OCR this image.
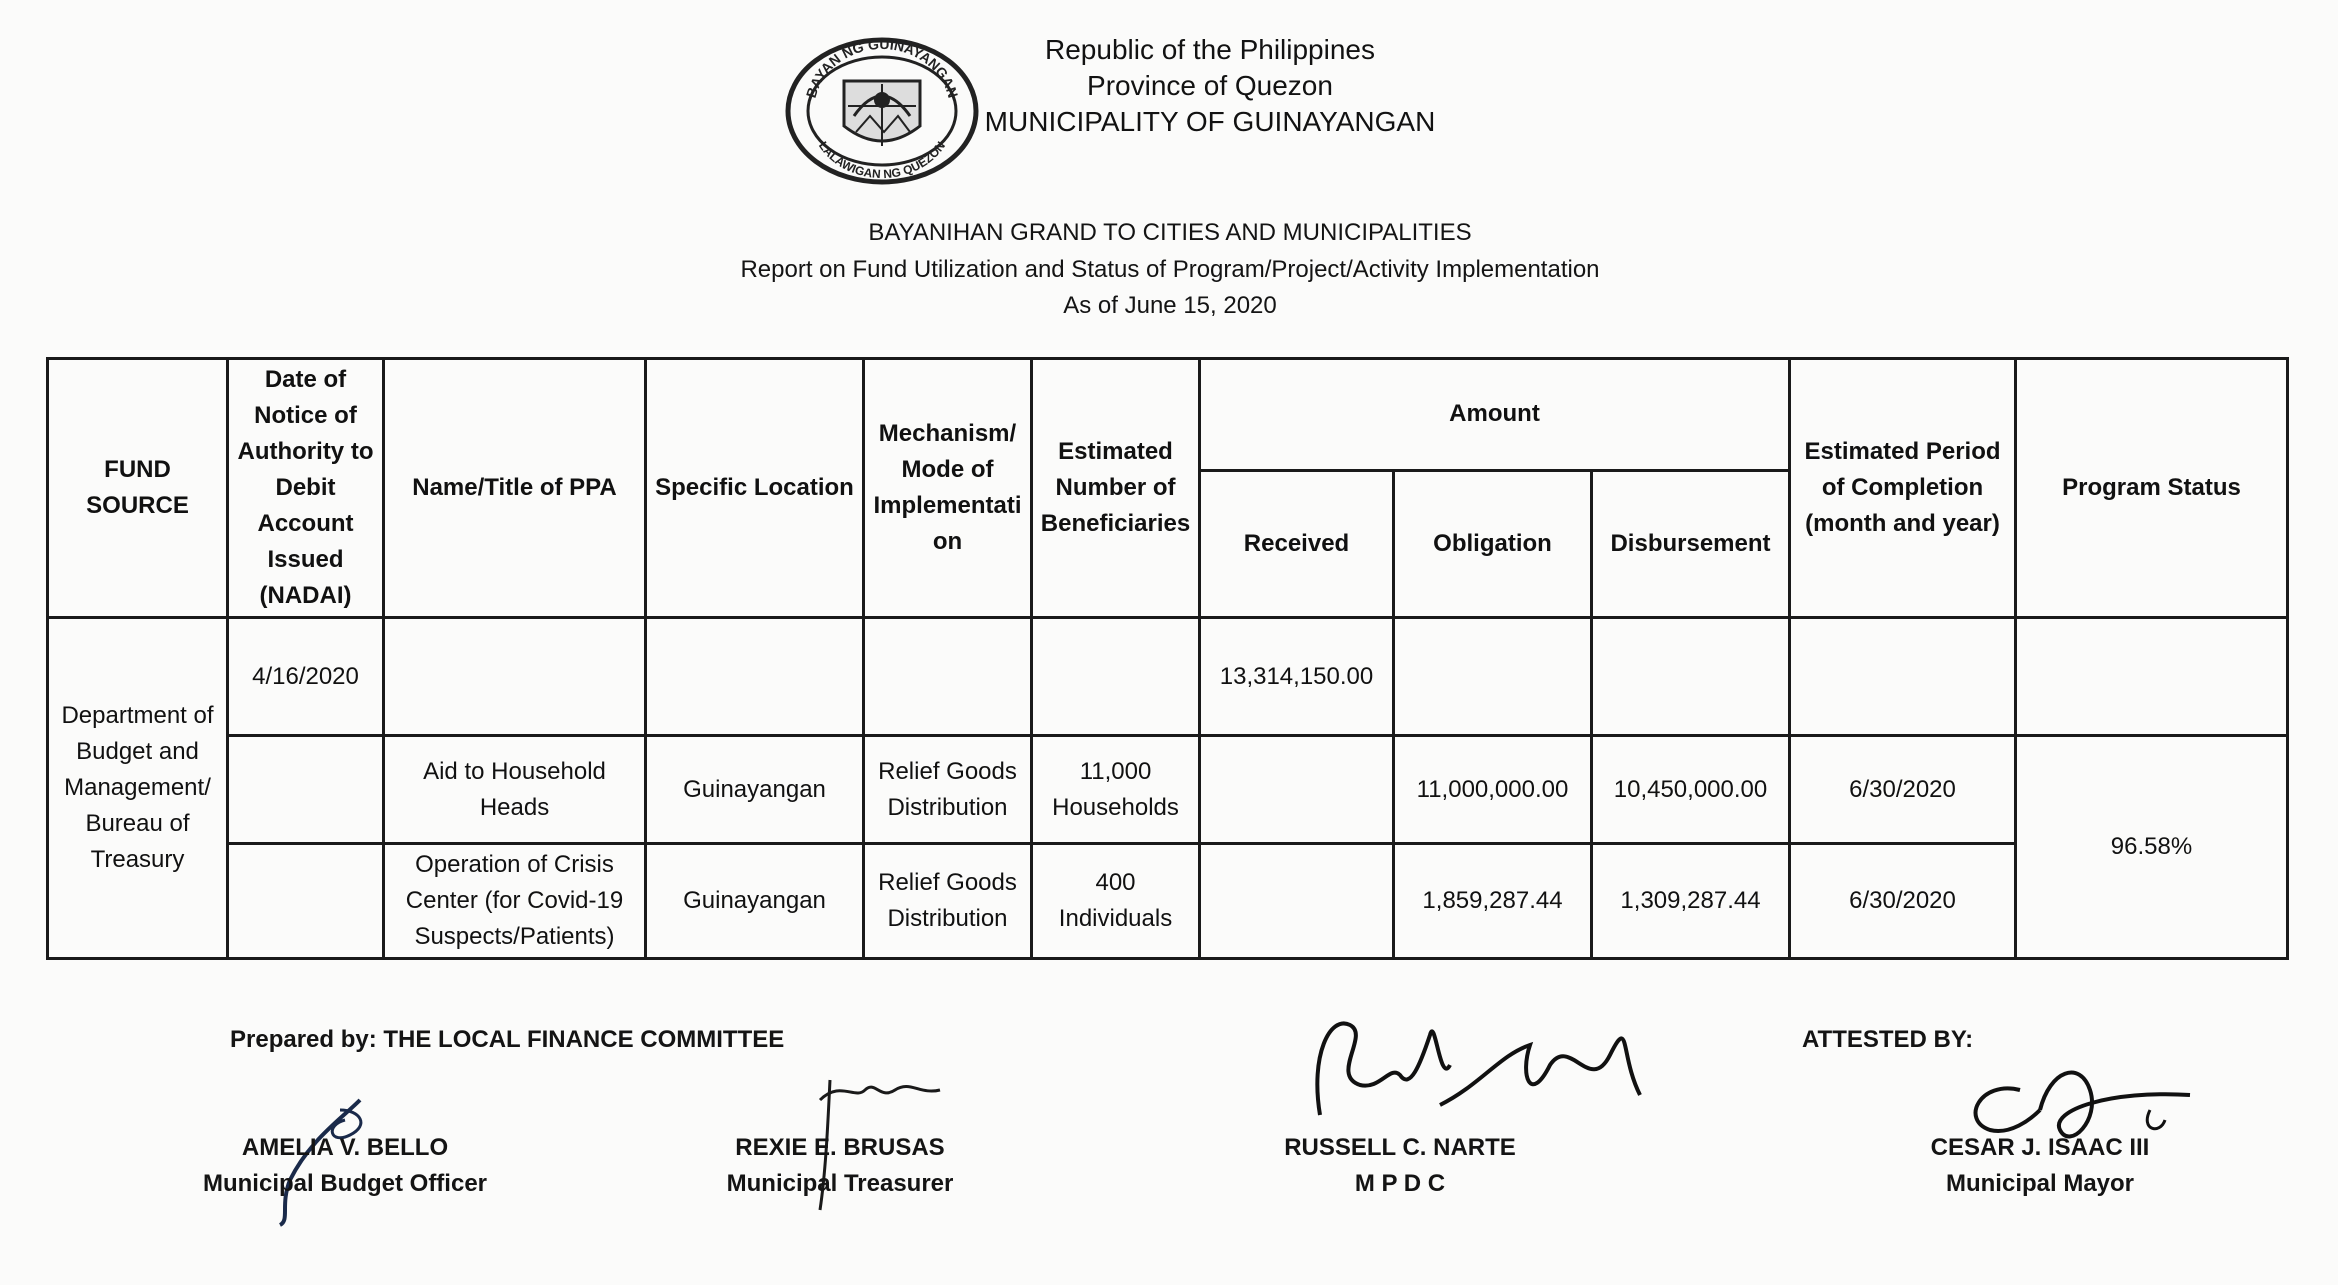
BAYAN NG GUINAYANGAN
LALAWIGAN NG QUEZON
Republic of the Philippines
Province of Quezon
MUNICIPALITY OF GUINAYANGAN
BAYANIHAN GRAND TO CITIES AND MUNICIPALITIES
Report on Fund Utilization and Status of Program/Project/Activity Implementation
As of June 15, 2020
FUND SOURCE	Date of Notice of Authority to Debit Account Issued (NADAI)	Name/Title of PPA	Specific Location	Mechanism/ Mode of Implementati on	Estimated Number of Beneficiaries	Amount			Estimated Period of Completion (month and year)	Program Status
						Received	Obligation	Disbursement		
Department of Budget and Management/ Bureau of Treasury	4/16/2020					13,314,150.00				
		Aid to Household Heads	Guinayangan	Relief Goods Distribution	11,000 Households		11,000,000.00	10,450,000.00	6/30/2020	96.58%
		Operation of Crisis Center (for Covid-19 Suspects/Patients)	Guinayangan	Relief Goods Distribution	400 Individuals		1,859,287.44	1,309,287.44	6/30/2020	
Prepared by: THE LOCAL FINANCE COMMITTEE	ATTESTED BY:
AMELIA V. BELLO
Municipal Budget Officer
REXIE E. BRUSAS
Municipal Treasurer
RUSSELL C. NARTE
M P D C
CESAR J. ISAAC III
Municipal Mayor
